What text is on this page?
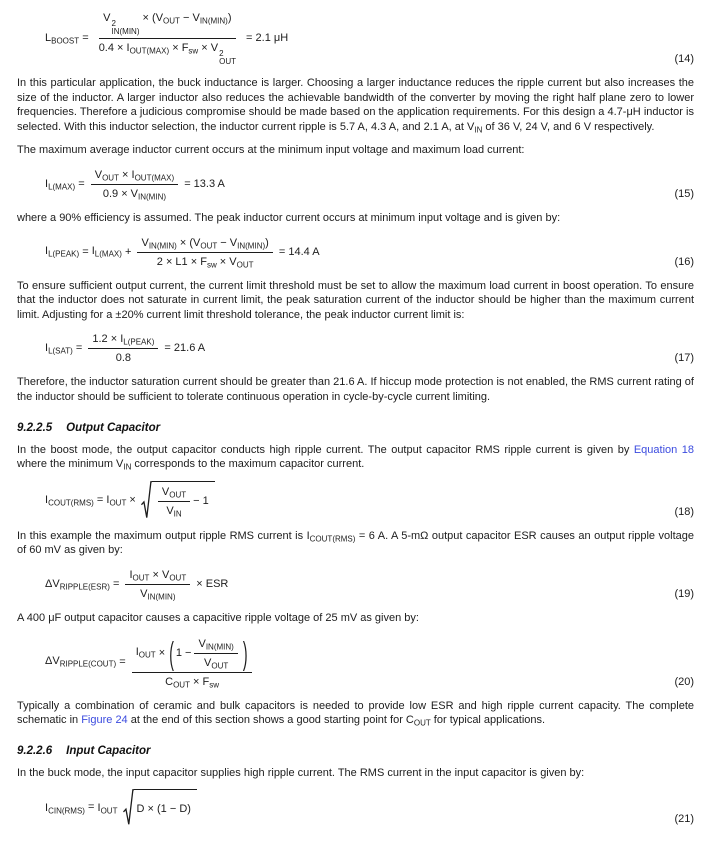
$L_{BOOST} = V$ 2
IN(MIN)
× $(V_{OUT} - V_{IN(MIN)})$
$0.4 \times I_{OUT(MAX)} \times F_{sw} \times V$ 2
OUT = 2.1 μH
(14)

In this particular application, the buck inductance is larger. Choosing a larger inductance reduces the ripple current but also increases the size of the inductor. A larger inductor also reduces the achievable bandwidth of the converter by moving the right half plane zero to lower frequencies. Therefore a judicious compromise should be made based on the application requirements. For this design a 4.7-μH inductor is selected. With this inductor selection, the inductor current ripple is 5.7 A, 4.3 A, and 2.1 A, at $V_{IN}$ of 36 V, 24 V, and 6 V respectively.

The maximum average inductor current occurs at the minimum input voltage and maximum load current:

$I_{L(MAX)} = \frac{V_{OUT} \times I_{OUT(MAX)}}{0.9 \times V_{IN(MIN)}} = 13.3$ A
(15)

where a 90% efficiency is assumed. The peak inductor current occurs at minimum input voltage and is given by:

$I_{L(PEAK)} = I_{L(MAX)} + \frac{V_{IN(MIN)} \times (V_{OUT} - V_{IN(MIN)})}{2 \times L1 \times F_{sw} \times V_{OUT}} = 14.4$ A
(16)

To ensure sufficient output current, the current limit threshold must be set to allow the maximum load current in boost operation. To ensure that the inductor does not saturate in current limit, the peak saturation current of the inductor should be higher than the maximum current limit. Adjusting for a ±20% current limit threshold tolerance, the peak inductor current limit is:

$I_{L(SAT)} = \frac{1.2 \times I_{L(PEAK)}}{0.8} = 21.6$ A
(17)

Therefore, the inductor saturation current should be greater than 21.6 A. If hiccup mode protection is not enabled, the RMS current rating of the inductor should be sufficient to tolerate continuous operation in cycle-by-cycle current limiting.

9.2.2.5 Output Capacitor

In the boost mode, the output capacitor conducts high ripple current. The output capacitor RMS ripple current is given by Equation 18 where the minimum $V_{IN}$ corresponds to the maximum capacitor current.

$I_{COUT(RMS)} = I_{OUT} \times \frac{V_{OUT}}{V_{IN}} - 1$
(18)

In this example the maximum output ripple RMS current is $I_{COUT(RMS)} = 6$ A. A 5-mΩ output capacitor ESR causes an output ripple voltage of 60 mV as given by:

$\Delta V_{RIPPLE(ESR)} = \frac{I_{OUT} \times V_{OUT}}{V_{IN(MIN)}}$ × ESR
(19)

A 400 μF output capacitor causes a capacitive ripple voltage of 25 mV as given by:

$\Delta V_{RIPPLE(COUT)} = \frac{I_{OUT} \times ( 1 - \frac{V_{IN(MIN)}}{V_{OUT}} )}{C_{OUT} \times F_{sw}}$	(20)

Typically a combination of ceramic and bulk capacitors is needed to provide low ESR and high ripple current capacity. The complete schematic in Figure 24 at the end of this section shows a good starting point for $C_{OUT}$ for typical applications.

9.2.2.6 Input Capacitor

In the buck mode, the input capacitor supplies high ripple current. The RMS current in the input capacitor is given by:

$I_{CIN(RMS)} = I_{OUT}$ D × (1 − D)
(21)
